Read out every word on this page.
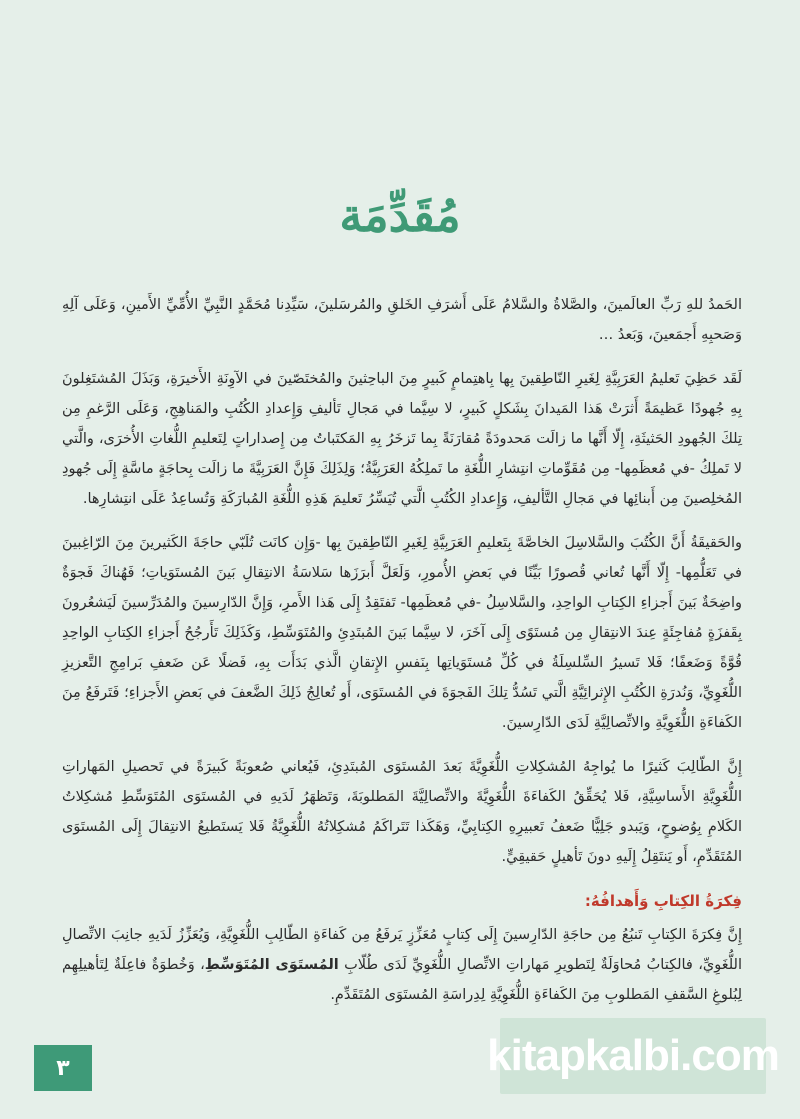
مُقَدِّمَة

الحَمدُ للهِ رَبِّ العالَمينَ، والصَّلاةُ والسَّلامُ عَلَى أَشرَفِ الخَلقِ والمُرسَلينَ، سَيِّدِنا مُحَمَّدٍ النَّبِيِّ الأُمِّيِّ الأَمينِ، وَعَلَى آلِهِ وَصَحبِهِ أَجمَعينَ، وَبَعدُ …

لَقَد حَظِيَ تَعليمُ العَرَبِيَّةِ لِغَيرِ النّاطِقينَ بِها بِاهتِمامٍ كَبيرٍ مِنَ الباحِثينَ والمُختَصّينَ في الآوِنَةِ الأَخيرَةِ، وَبَذَلَ المُشتَغِلونَ بِهِ جُهودًا عَظيمَةً أَثرَتْ هَذا المَيدانَ بِشَكلٍ كَبيرٍ، لا سِيَّما في مَجالِ تَأليفِ وَإِعدادِ الكُتُبِ والمَناهِجِ، وَعَلَى الرَّغمِ مِن تِلكَ الجُهودِ الحَثيثَةِ، إِلّا أَنَّها ما زالَت مَحدودَةً مُقارَنَةً بِما تَزخَرُ بِهِ المَكتَباتُ مِن إِصداراتٍ لِتَعليمِ اللُّغاتِ الأُخرَى، والَّتي لا تَملِكُ -في مُعظَمِها- مِن مُقَوِّماتِ انتِشارِ اللُّغَةِ ما تَملِكُهُ العَرَبِيَّةُ؛ وَلِذَلِكَ فَإِنَّ العَرَبِيَّةَ ما زالَت بِحاجَةٍ ماسَّةٍ إِلَى جُهودِ المُخلِصينَ مِن أَبنائِها في مَجالِ التَّأليفِ، وَإِعدادِ الكُتُبِ الَّتي تُيَسِّرُ تَعليمَ هَذِهِ اللُّغَةِ المُبارَكَةِ وَتُساعِدُ عَلَى انتِشارِها.

والحَقيقَةُ أَنَّ الكُتُبَ والسَّلاسِلَ الخاصَّةَ بِتَعليمِ العَرَبِيَّةِ لِغَيرِ النّاطِقينَ بِها -وَإِن كانَت تُلَبّي حاجَةَ الكَثيرينَ مِنَ الرّاغِبينَ في تَعَلُّمِها- إِلّا أَنَّها تُعاني قُصورًا بَيِّنًا في بَعضِ الأُمورِ، وَلَعَلَّ أَبرَزَها سَلاسَةُ الانتِقالِ بَينَ المُستَوَياتِ؛ فَهُناكَ فَجوَةٌ واضِحَةٌ بَينَ أَجزاءِ الكِتابِ الواحِدِ، والسَّلاسِلُ -في مُعظَمِها- تَفتَقِدُ إِلَى هَذا الأَمرِ، وَإِنَّ الدّارِسينَ والمُدَرِّسينَ لَيَشعُرونَ بِقَفزَةٍ مُفاجِئَةٍ عِندَ الانتِقالِ مِن مُستَوًى إِلَى آخَرَ، لا سِيَّما بَينَ المُبتَدِئِ والمُتَوَسِّطِ، وَكَذَلِكَ تَأَرجُحُ أَجزاءِ الكِتابِ الواحِدِ قُوَّةً وَضَعفًا؛ فَلا تَسيرُ السِّلسِلَةُ في كُلِّ مُستَوَياتِها بِنَفسِ الإِتقانِ الَّذي بَدَأَت بِهِ، فَضلًا عَن ضَعفِ بَرامِجِ التَّعزيزِ اللُّغَوِيِّ، وَنُدرَةِ الكُتُبِ الإِثرائِيَّةِ الَّتي تَسُدُّ تِلكَ الفَجوَةَ في المُستَوَى، أَو تُعالِجُ ذَلِكَ الضَّعفَ في بَعضِ الأَجزاءِ؛ فَتَرفَعُ مِنَ الكَفاءَةِ اللُّغَوِيَّةِ والاتِّصالِيَّةِ لَدَى الدّارِسينَ.

إِنَّ الطّالِبَ كَثيرًا ما يُواجِهُ المُشكِلاتِ اللُّغَوِيَّةَ بَعدَ المُستَوَى المُبتَدِئِ، فَيُعاني صُعوبَةً كَبيرَةً في تَحصيلِ المَهاراتِ اللُّغَوِيَّةِ الأَساسِيَّةِ، فَلا يُحَقِّقُ الكَفاءَةَ اللُّغَوِيَّةَ والاتِّصالِيَّةَ المَطلوبَةَ، وَتَظهَرُ لَدَيهِ في المُستَوَى المُتَوَسِّطِ مُشكِلاتُ الكَلامِ بِوُضوحٍ، وَيَبدو جَلِيًّا ضَعفُ تَعبيرِهِ الكِتابِيِّ، وَهَكَذا تَتَراكَمُ مُشكِلاتُهُ اللُّغَوِيَّةُ فَلا يَستَطيعُ الانتِقالَ إِلَى المُستَوَى المُتَقَدِّمِ، أَو يَنتَقِلُ إِلَيهِ دونَ تَأهيلٍ حَقيقِيٍّ.

فِكرَةُ الكِتابِ وَأَهدافُهُ:

إِنَّ فِكرَةَ الكِتابِ تَنبُعُ مِن حاجَةِ الدّارِسينَ إِلَى كِتابٍ مُعَزِّزٍ يَرفَعُ مِن كَفاءَةِ الطّالِبِ اللُّغَوِيَّةِ، وَيُعَزِّزُ لَدَيهِ جانِبَ الاتِّصالِ اللُّغَوِيِّ، فالكِتابُ مُحاوَلَةٌ لِتَطويرِ مَهاراتِ الاتِّصالِ اللُّغَوِيِّ لَدَى طُلّابِ المُستَوَى المُتَوَسِّطِ، وَخُطوَةٌ فاعِلَةٌ لِتَأهيلِهِم لِبُلوغِ السَّقفِ المَطلوبِ مِنَ الكَفاءَةِ اللُّغَوِيَّةِ لِدِراسَةِ المُستَوَى المُتَقَدِّمِ.

٣	kitapkalbi.com
